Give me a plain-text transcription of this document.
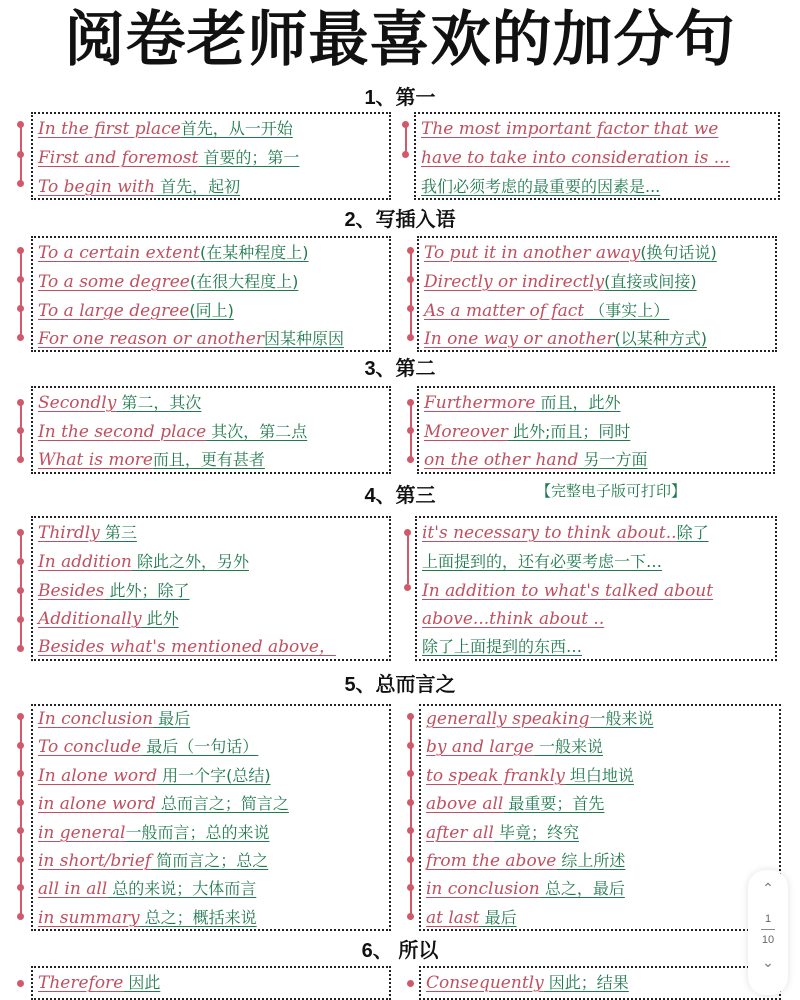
阅卷老师最喜欢的加分句
1、第一
In the first place首先，从一开始
First and foremost 首要的；第一
To begin with 首先，起初
The most important factor that we
have to take into consideration is ...
我们必须考虑的最重要的因素是...
2、写插入语
To a certain extent(在某种程度上)
To a some degree(在很大程度上)
To a large degree(同上)
For one reason or another因某种原因
To put it in another away(换句话说)
Directly or indirectly(直接或间接)
As a matter of fact （事实上）
In one way or another(以某种方式)
3、第二
Secondly 第二，其次
In the second place 其次，第二点
What is more而且，更有甚者
Furthermore 而且，此外
Moreover 此外;而且；同时
on the other hand 另一方面
4、第三	【完整电子版可打印】
Thirdly 第三
In addition 除此之外，另外
Besides 此外；除了
Additionally 此外
Besides what's mentioned above，
it's necessary to think about..除了
上面提到的，还有必要考虑一下…
In addition to what's talked about
above...think about ..
除了上面提到的东西…
5、总而言之
In conclusion 最后
To conclude 最后（一句话）
In alone word 用一个字(总结)
in alone word 总而言之；简言之
in general一般而言；总的来说
in short/brief 简而言之；总之
all in all 总的来说；大体而言
in summary 总之；概括来说
generally speaking一般来说
by and large 一般来说
to speak frankly 坦白地说
above all 最重要；首先
after all 毕竟；终究
from the above 综上所述
in conclusion 总之，最后
at last 最后
6、 所以
Therefore 因此	Consequently 因此；结果
⌃
1
10
⌄
